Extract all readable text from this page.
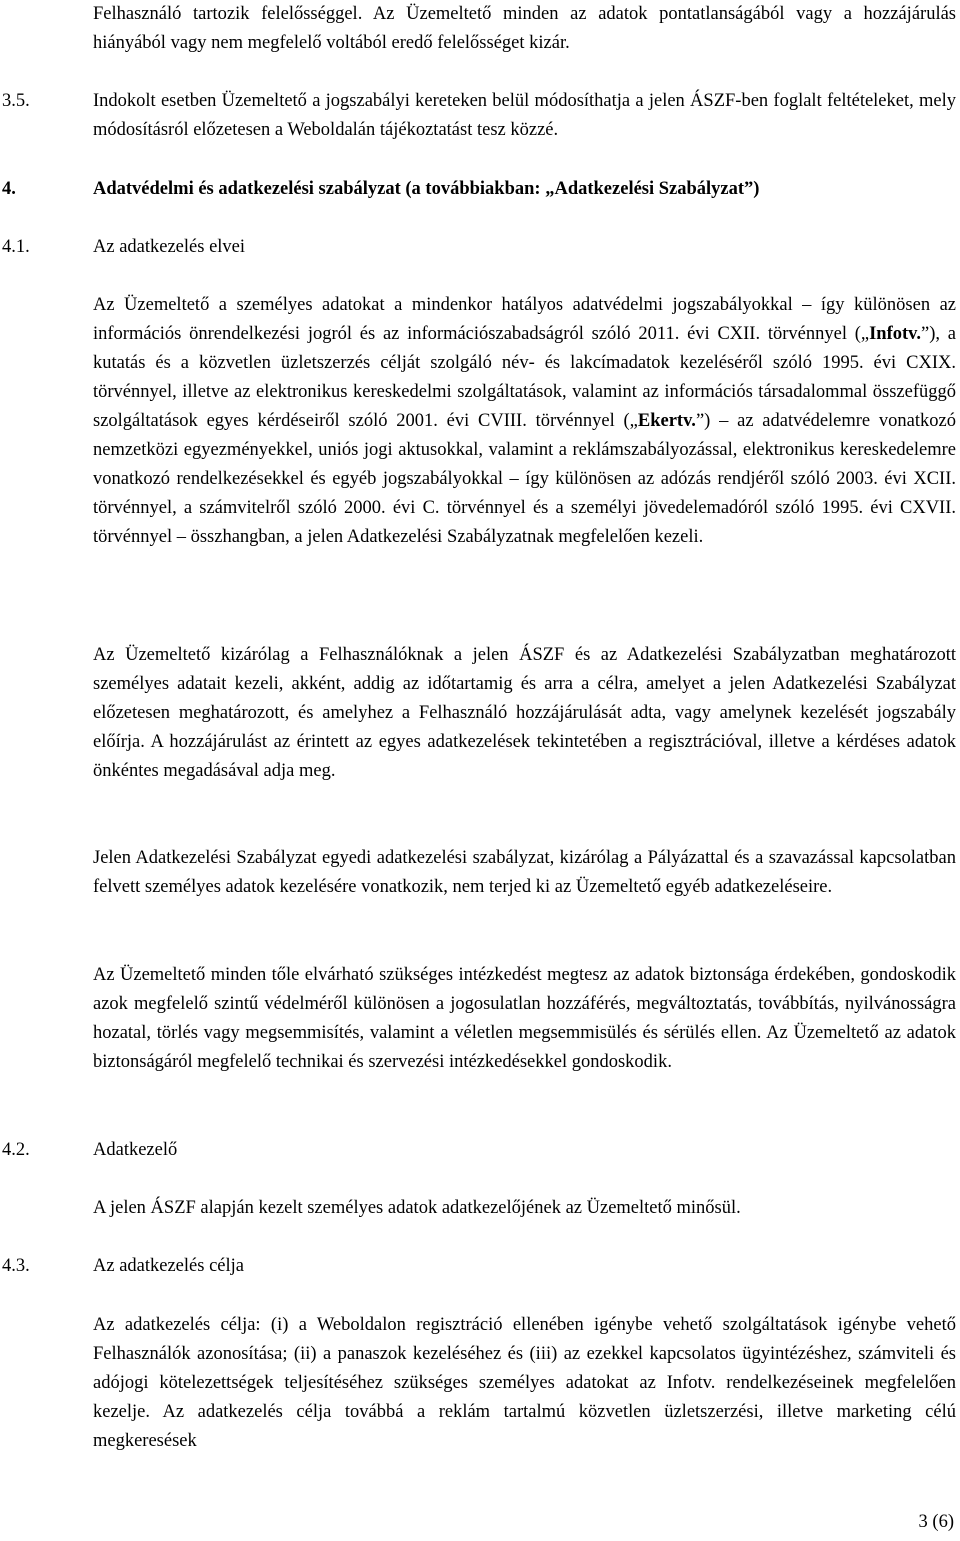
Felhasználó tartozik felelősséggel. Az Üzemeltető minden az adatok pontatlanságából vagy a hozzájárulás hiányából vagy nem megfelelő voltából eredő felelősséget kizár.

3.5.	Indokolt esetben Üzemeltető a jogszabályi kereteken belül módosíthatja a jelen ÁSZF-ben foglalt feltételeket, mely módosításról előzetesen a Weboldalán tájékoztatást tesz közzé.

4.	Adatvédelmi és adatkezelési szabályzat (a továbbiakban: „Adatkezelési Szabályzat”)
4.1.	Az adatkezelés elvei

Az Üzemeltető a személyes adatokat a mindenkor hatályos adatvédelmi jogszabályokkal ‒ így különösen az információs önrendelkezési jogról és az információszabadságról szóló 2011. évi CXII. törvénnyel („Infotv.”), a kutatás és a közvetlen üzletszerzés célját szolgáló név- és lakcímadatok kezeléséről szóló 1995. évi CXIX. törvénnyel, illetve az elektronikus kereskedelmi szolgáltatások, valamint az információs társadalommal összefüggő szolgáltatások egyes kérdéseiről szóló 2001. évi CVIII. törvénnyel („Ekertv.”) ‒ az adatvédelemre vonatkozó nemzetközi egyezményekkel, uniós jogi aktusokkal, valamint a reklámszabályozással, elektronikus kereskedelemre vonatkozó rendelkezésekkel és egyéb jogszabályokkal ‒ így különösen az adózás rendjéről szóló 2003. évi XCII. törvénnyel, a számvitelről szóló 2000. évi C. törvénnyel és a személyi jövedelemadóról szóló 1995. évi CXVII. törvénnyel ‒ összhangban, a jelen Adatkezelési Szabályzatnak megfelelően kezeli.

Az Üzemeltető kizárólag a Felhasználóknak a jelen ÁSZF és az Adatkezelési Szabályzatban meghatározott személyes adatait kezeli, akként, addig az időtartamig és arra a célra, amelyet a jelen Adatkezelési Szabályzat előzetesen meghatározott, és amelyhez a Felhasználó hozzájárulását adta, vagy amelynek kezelését jogszabály előírja. A hozzájárulást az érintett az egyes adatkezelések tekintetében a regisztrációval, illetve a kérdéses adatok önkéntes megadásával adja meg.

Jelen Adatkezelési Szabályzat egyedi adatkezelési szabályzat, kizárólag a Pályázattal és a szavazással kapcsolatban felvett személyes adatok kezelésére vonatkozik, nem terjed ki az Üzemeltető egyéb adatkezeléseire.

Az Üzemeltető minden tőle elvárható szükséges intézkedést megtesz az adatok biztonsága érdekében, gondoskodik azok megfelelő szintű védelméről különösen a jogosulatlan hozzáférés, megváltoztatás, továbbítás, nyilvánosságra hozatal, törlés vagy megsemmisítés, valamint a véletlen megsemmisülés és sérülés ellen. Az Üzemeltető az adatok biztonságáról megfelelő technikai és szervezési intézkedésekkel gondoskodik.

4.2.	Adatkezelő

A jelen ÁSZF alapján kezelt személyes adatok adatkezelőjének az Üzemeltető minősül.

4.3.	Az adatkezelés célja

Az adatkezelés célja: (i) a Weboldalon regisztráció ellenében igénybe vehető szolgáltatások igénybe vehető Felhasználók azonosítása; (ii) a panaszok kezeléséhez és (iii) az ezekkel kapcsolatos ügyintézéshez, számviteli és adójogi kötelezettségek teljesítéséhez szükséges személyes adatokat az Infotv. rendelkezéseinek megfelelően kezelje. Az adatkezelés célja továbbá a reklám tartalmú közvetlen üzletszerzési, illetve marketing célú megkeresések

3 (6)
